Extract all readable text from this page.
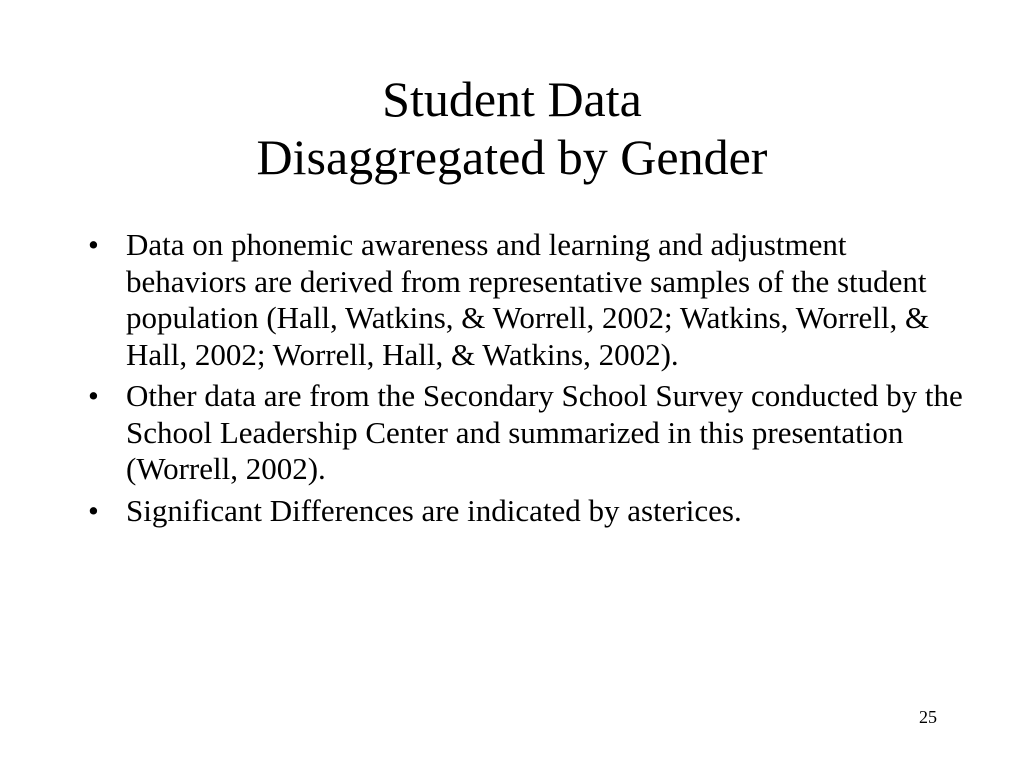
Student Data
Disaggregated by Gender
• Data on phonemic awareness and learning and adjustment behaviors are derived from representative samples of the student population (Hall, Watkins, & Worrell, 2002; Watkins, Worrell, & Hall, 2002; Worrell, Hall, & Watkins, 2002).
• Other data are from the Secondary School Survey conducted by the School Leadership Center and summarized in this presentation (Worrell, 2002).
• Significant Differences are indicated by asterices.
25
